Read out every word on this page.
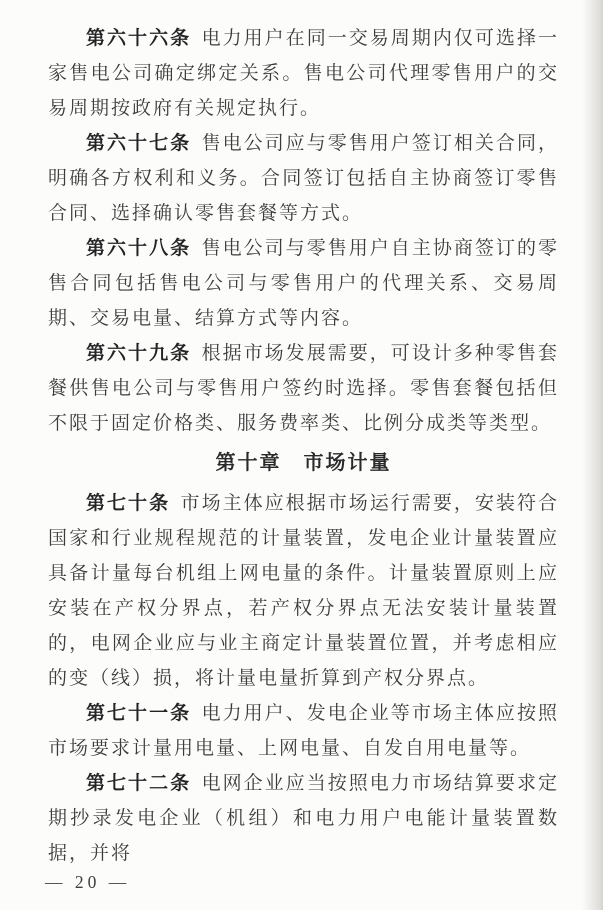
第六十六条 电力用户在同一交易周期内仅可选择一家售电公司确定绑定关系。售电公司代理零售用户的交易周期按政府有关规定执行。

第六十七条 售电公司应与零售用户签订相关合同，明确各方权利和义务。合同签订包括自主协商签订零售合同、选择确认零售套餐等方式。

第六十八条 售电公司与零售用户自主协商签订的零售合同包括售电公司与零售用户的代理关系、交易周期、交易电量、结算方式等内容。

第六十九条 根据市场发展需要，可设计多种零售套餐供售电公司与零售用户签约时选择。零售套餐包括但不限于固定价格类、服务费率类、比例分成类等类型。

第十章　市场计量

第七十条 市场主体应根据市场运行需要，安装符合国家和行业规程规范的计量装置，发电企业计量装置应具备计量每台机组上网电量的条件。计量装置原则上应安装在产权分界点，若产权分界点无法安装计量装置的，电网企业应与业主商定计量装置位置，并考虑相应的变（线）损，将计量电量折算到产权分界点。

第七十一条 电力用户、发电企业等市场主体应按照市场要求计量用电量、上网电量、自发自用电量等。

第七十二条 电网企业应当按照电力市场结算要求定期抄录发电企业（机组）和电力用户电能计量装置数据，并将

— 20 —
